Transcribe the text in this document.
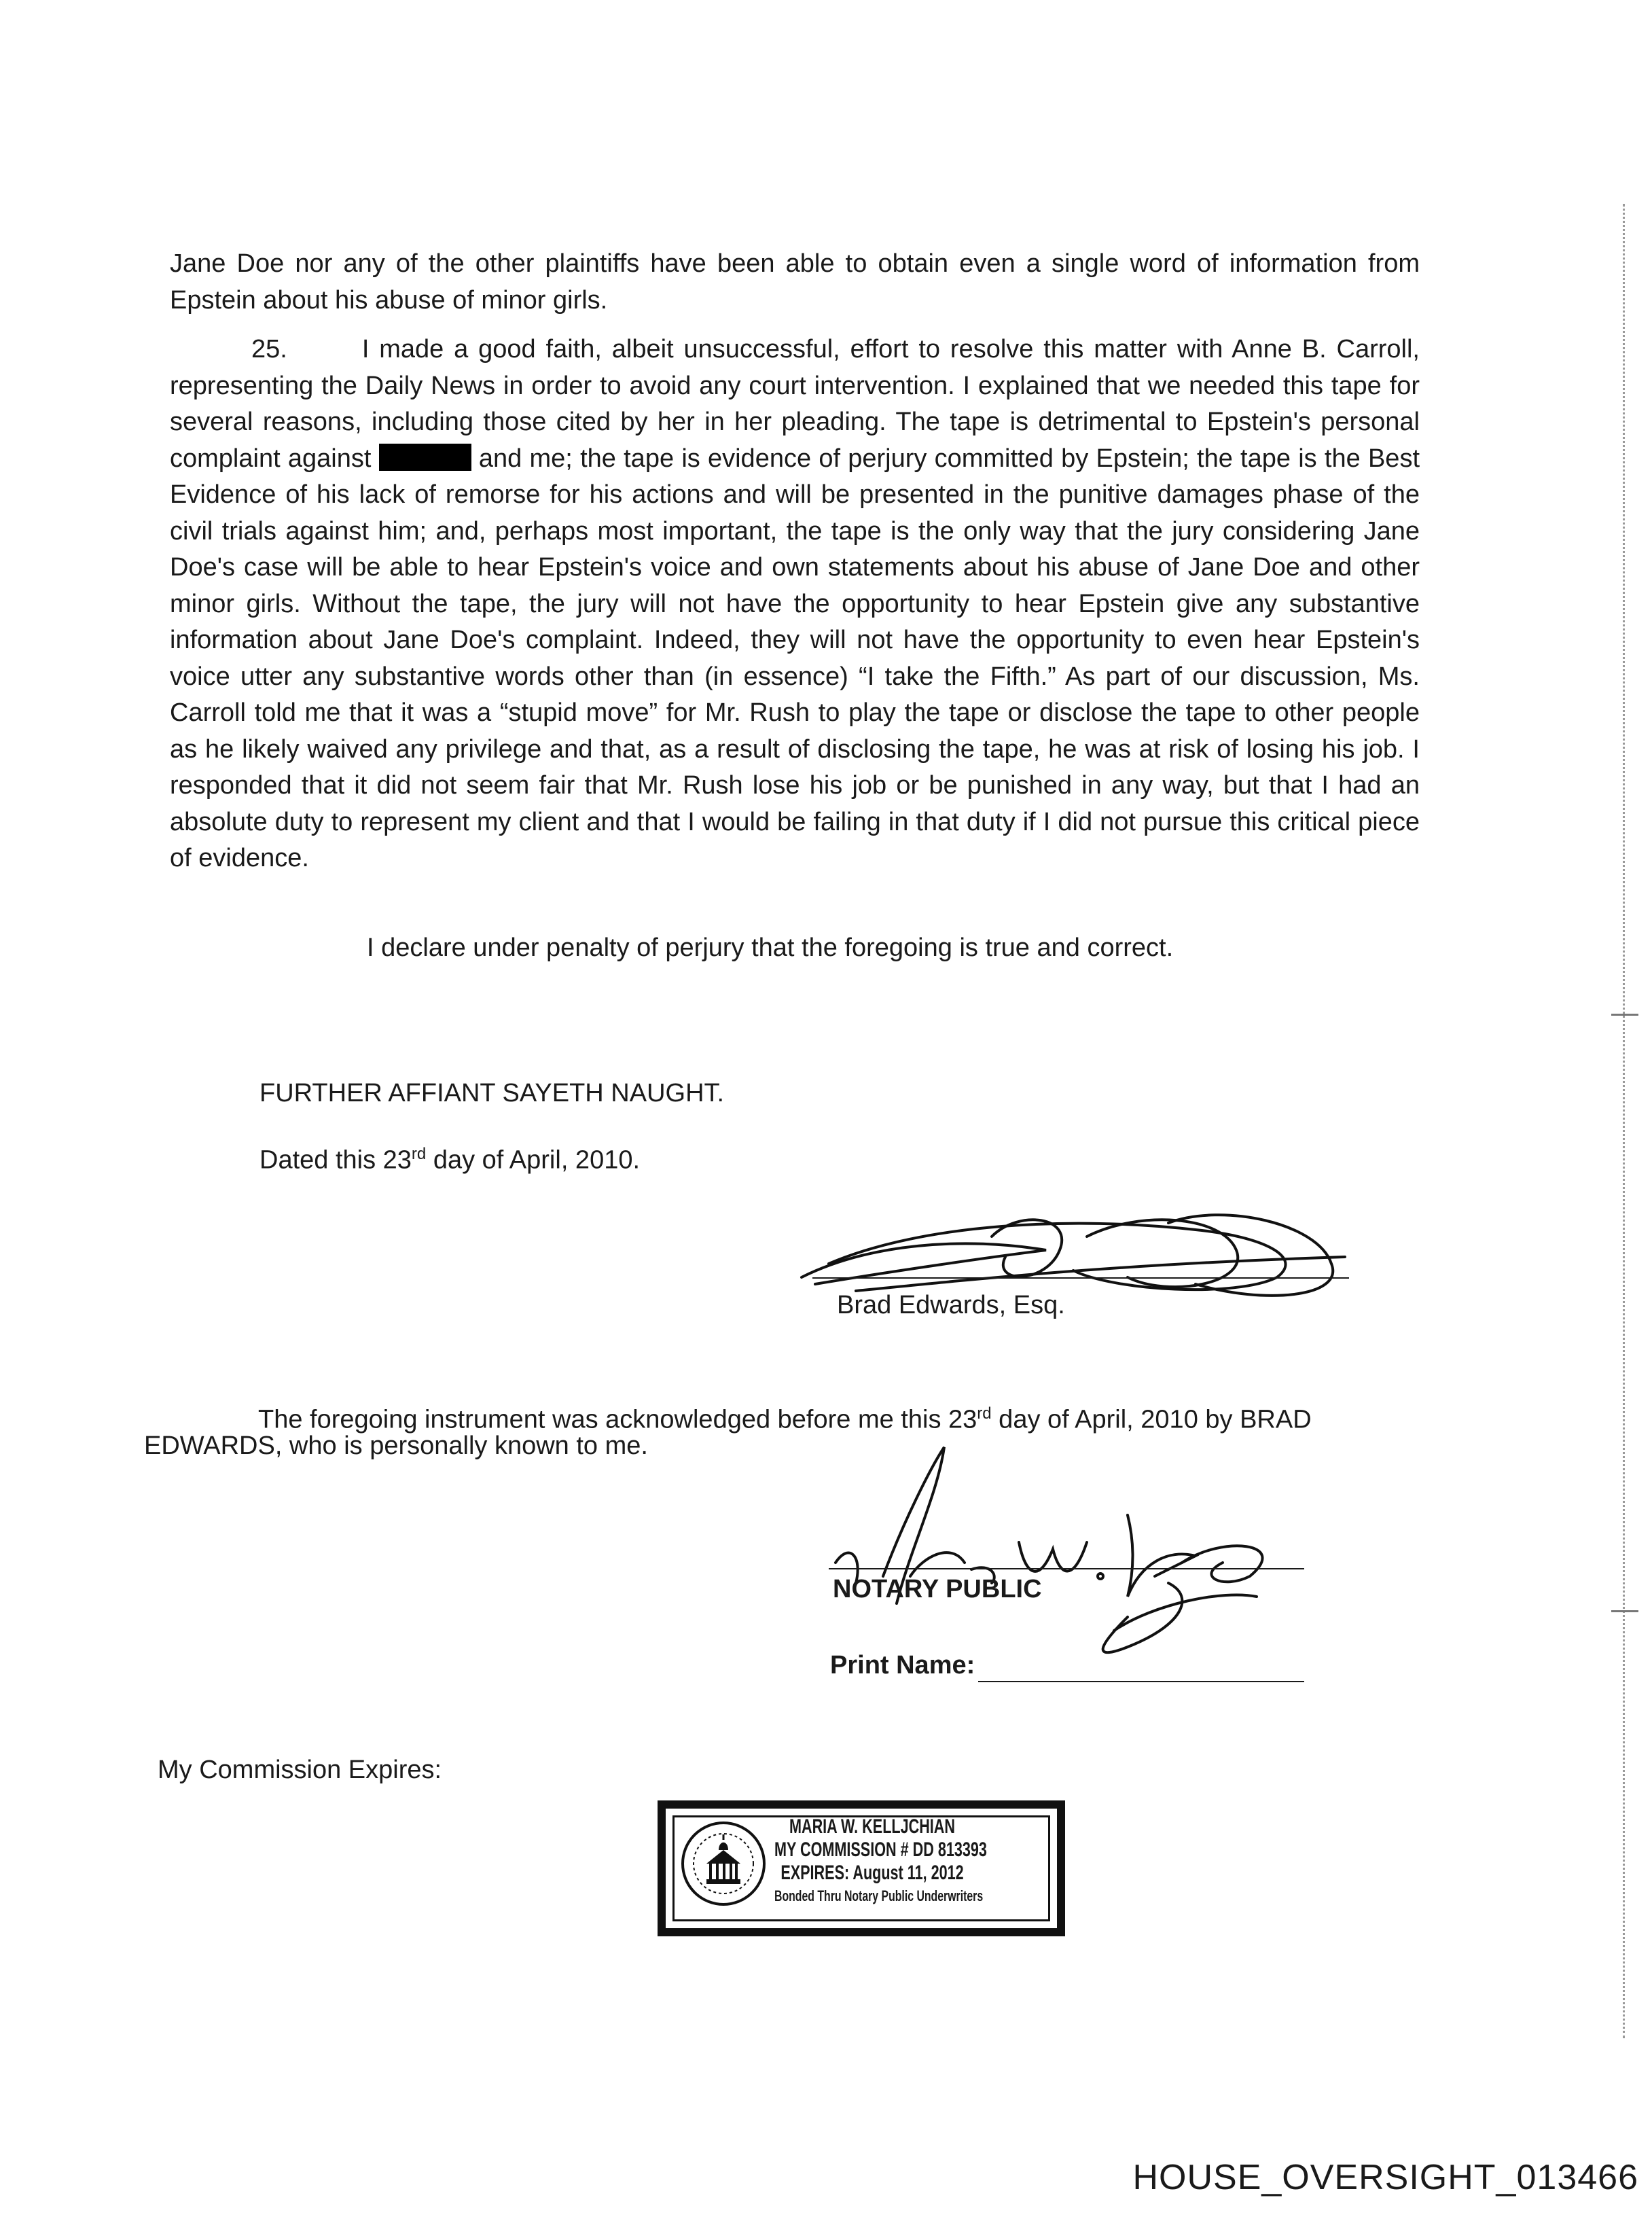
Jane Doe nor any of the other plaintiffs have been able to obtain even a single word of information from Epstein about his abuse of minor girls.
25.	I made a good faith, albeit unsuccessful, effort to resolve this matter with Anne B. Carroll, representing the Daily News in order to avoid any court intervention. I explained that we needed this tape for several reasons, including those cited by her in her pleading. The tape is detrimental to Epstein's personal complaint against	and me; the tape is evidence of perjury committed by Epstein; the tape is the Best Evidence of his lack of remorse for his actions and will be presented in the punitive damages phase of the civil trials against him; and, perhaps most important, the tape is the only way that the jury considering Jane Doe's case will be able to hear Epstein's voice and own statements about his abuse of Jane Doe and other minor girls. Without the tape, the jury will not have the opportunity to hear Epstein give any substantive information about Jane Doe's complaint. Indeed, they will not have the opportunity to even hear Epstein's voice utter any substantive words other than (in essence) “I take the Fifth.” As part of our discussion, Ms. Carroll told me that it was a “stupid move” for Mr. Rush to play the tape or disclose the tape to other people as he likely waived any privilege and that, as a result of disclosing the tape, he was at risk of losing his job. I responded that it did not seem fair that Mr. Rush lose his job or be punished in any way, but that I had an absolute duty to represent my client and that I would be failing in that duty if I did not pursue this critical piece of evidence.
I declare under penalty of perjury that the foregoing is true and correct.
FURTHER AFFIANT SAYETH NAUGHT.
Dated this 23rd day of April, 2010.
Brad Edwards, Esq.
The foregoing instrument was acknowledged before me this 23rd day of April, 2010 by BRAD
EDWARDS, who is personally known to me.
NOTARY PUBLIC
Print Name:
My Commission Expires:
MARIA W. KELLJCHIAN
MY COMMISSION # DD 813393
EXPIRES: August 11, 2012
Bonded Thru Notary Public Underwriters
HOUSE_OVERSIGHT_013466
